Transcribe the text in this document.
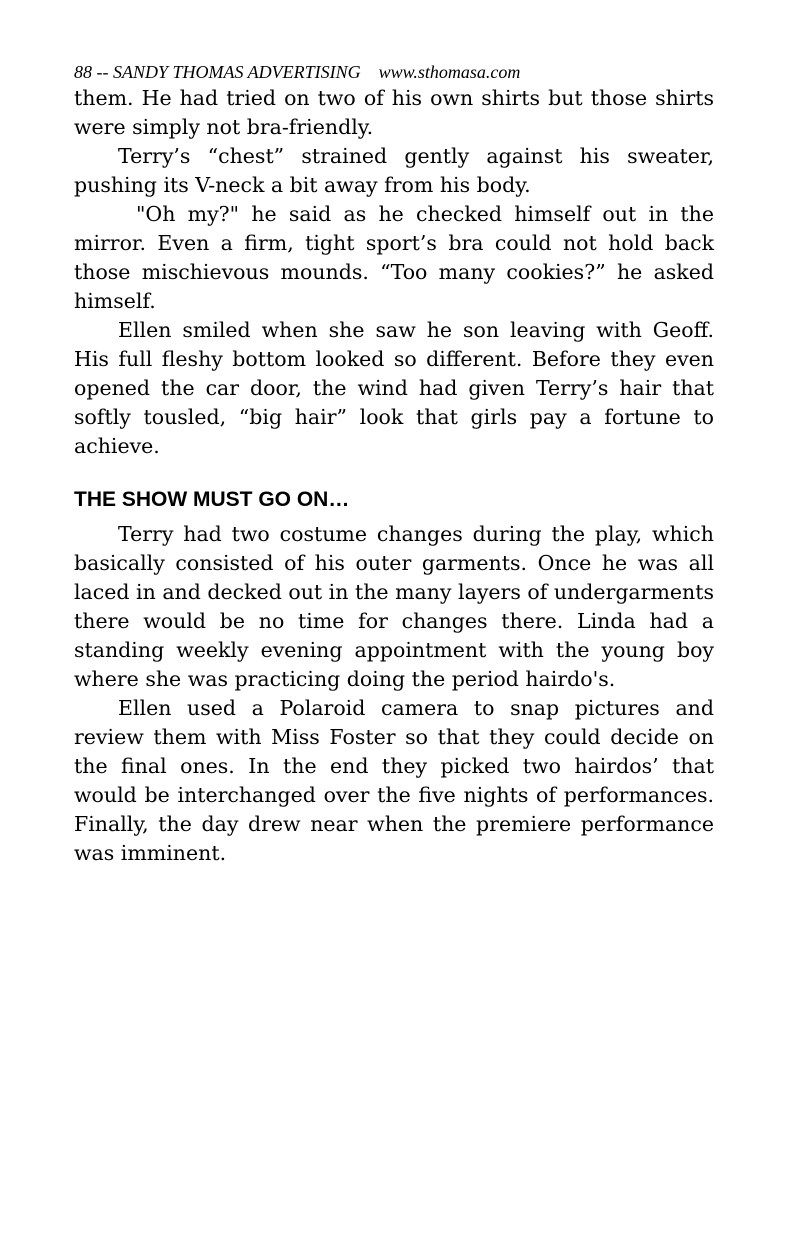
88 -- SANDY THOMAS ADVERTISING www.sthomasa.com

them. He had tried on two of his own shirts but those shirts were simply not bra-friendly.

Terry’s “chest” strained gently against his sweater, pushing its V-neck a bit away from his body.

"Oh my?" he said as he checked himself out in the mirror. Even a firm, tight sport’s bra could not hold back those mischievous mounds. “Too many cookies?” he asked himself.

Ellen smiled when she saw he son leaving with Geoff. His full fleshy bottom looked so different. Before they even opened the car door, the wind had given Terry’s hair that softly tousled, “big hair” look that girls pay a fortune to achieve.

THE SHOW MUST GO ON…

Terry had two costume changes during the play, which basically consisted of his outer garments. Once he was all laced in and decked out in the many layers of undergarments there would be no time for changes there. Linda had a standing weekly evening appointment with the young boy where she was practicing doing the period hairdo's.

Ellen used a Polaroid camera to snap pictures and review them with Miss Foster so that they could decide on the final ones. In the end they picked two hairdos’ that would be interchanged over the five nights of performances. Finally, the day drew near when the premiere performance was imminent.
